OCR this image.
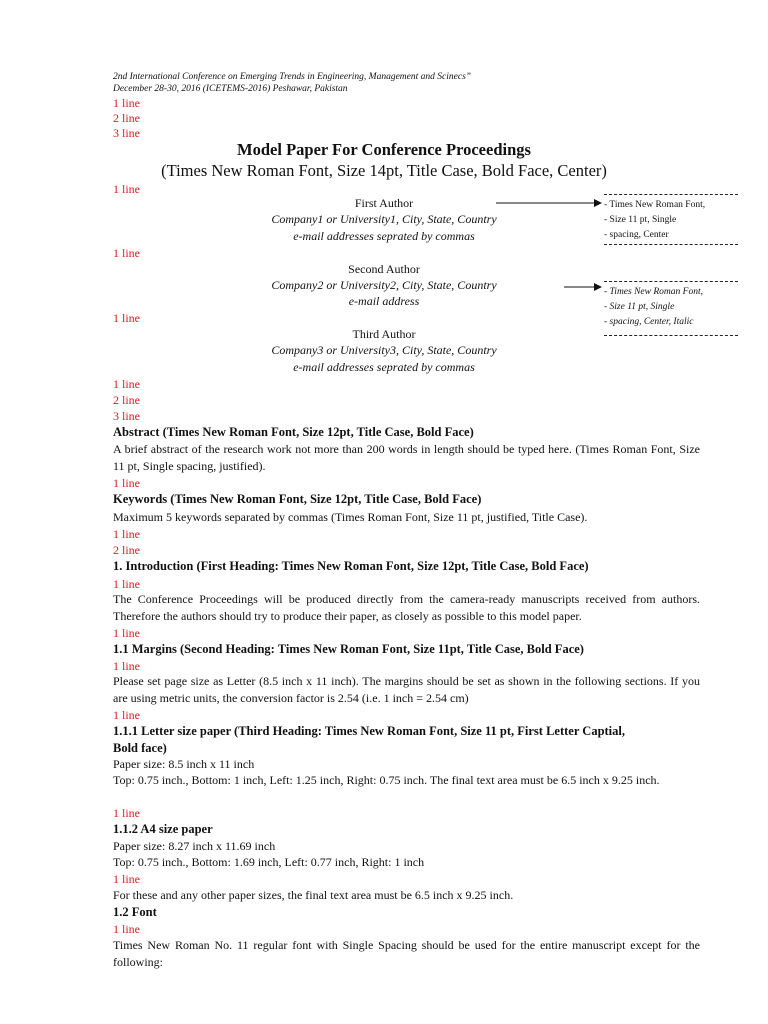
2nd International Conference on Emerging Trends in Engineering, Management and Scinecs”
December 28-30, 2016 (ICETEMS-2016) Peshawar, Pakistan
1 line
2 line
3 line
Model Paper For Conference Proceedings
(Times New Roman Font, Size 14pt, Title Case, Bold Face, Center)
1 line
First Author
Company1 or University1, City, State, Country
e-mail addresses seprated by commas
1 line
Second Author
Company2 or University2, City, State, Country
e-mail address
1 line
Third Author
Company3 or University3, City, State, Country
e-mail addresses seprated by commas
- Times New Roman Font,
- Size 11 pt, Single
- spacing, Center
- Times New Roman Font,
- Size 11 pt, Single
- spacing, Center, Italic
1 line
2 line
3 line
Abstract (Times New Roman Font, Size 12pt, Title Case, Bold Face)
A brief abstract of the research work not more than 200 words in length should be typed here. (Times Roman Font, Size 11 pt, Single spacing, justified).
1 line
Keywords (Times New Roman Font, Size 12pt, Title Case, Bold Face)
Maximum 5 keywords separated by commas (Times Roman Font, Size 11 pt, justified, Title Case).
1 line
2 line
1. Introduction (First Heading: Times New Roman Font, Size 12pt, Title Case, Bold Face)
1 line
The Conference Proceedings will be produced directly from the camera-ready manuscripts received from authors. Therefore the authors should try to produce their paper, as closely as possible to this model paper.
1 line
1.1 Margins (Second Heading: Times New Roman Font, Size 11pt, Title Case, Bold Face)
1 line
Please set page size as Letter (8.5 inch x 11 inch). The margins should be set as shown in the following sections. If you are using metric units, the conversion factor is 2.54 (i.e. 1 inch = 2.54 cm)
1 line
1.1.1 Letter size paper (Third Heading: Times New Roman Font, Size 11 pt, First Letter Captial,
Bold face)
Paper size: 8.5 inch x 11 inch
Top: 0.75 inch., Bottom: 1 inch, Left: 1.25 inch, Right: 0.75 inch. The final text area must be 6.5 inch x 9.25 inch.
1 line
1.1.2 A4 size paper
Paper size: 8.27 inch x 11.69 inch
Top: 0.75 inch., Bottom: 1.69 inch, Left: 0.77 inch, Right: 1 inch
1 line
For these and any other paper sizes, the final text area must be 6.5 inch x 9.25 inch.
1.2 Font
1 line
Times New Roman No. 11 regular font with Single Spacing should be used for the entire manuscript except for the following:
